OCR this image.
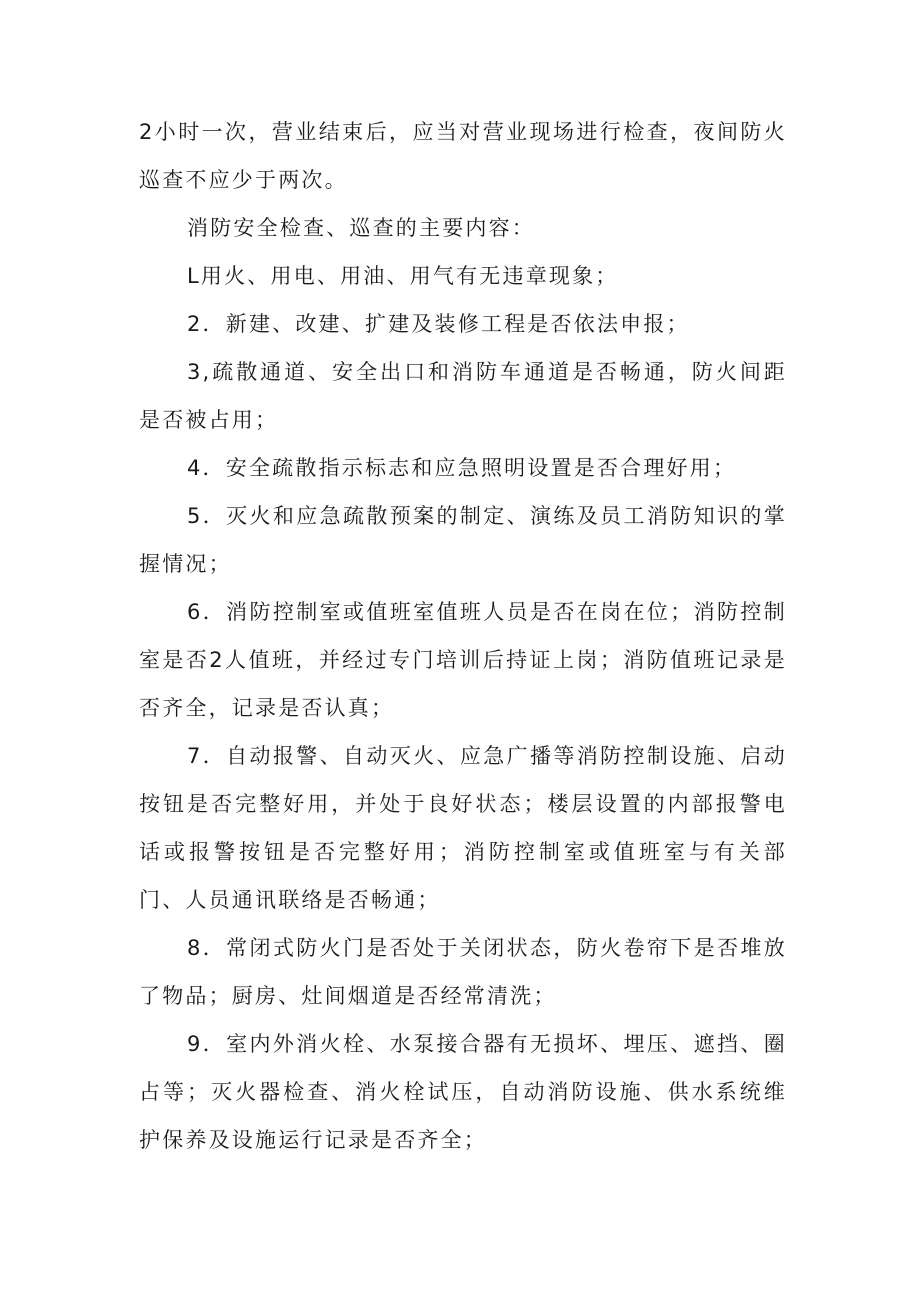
2小时一次，营业结束后，应当对营业现场进行检查，夜间防火巡查不应少于两次。

消防安全检查、巡查的主要内容：

L用火、用电、用油、用气有无违章现象；

2．新建、改建、扩建及装修工程是否依法申报；

3,疏散通道、安全出口和消防车通道是否畅通，防火间距是否被占用；

4．安全疏散指示标志和应急照明设置是否合理好用；

5．灭火和应急疏散预案的制定、演练及员工消防知识的掌握情况；

6．消防控制室或值班室值班人员是否在岗在位；消防控制室是否2人值班，并经过专门培训后持证上岗；消防值班记录是否齐全，记录是否认真；

7．自动报警、自动灭火、应急广播等消防控制设施、启动按钮是否完整好用，并处于良好状态；楼层设置的内部报警电话或报警按钮是否完整好用；消防控制室或值班室与有关部门、人员通讯联络是否畅通；

8．常闭式防火门是否处于关闭状态，防火卷帘下是否堆放了物品；厨房、灶间烟道是否经常清洗；

9．室内外消火栓、水泵接合器有无损坏、埋压、遮挡、圈占等；灭火器检查、消火栓试压，自动消防设施、供水系统维护保养及设施运行记录是否齐全；
